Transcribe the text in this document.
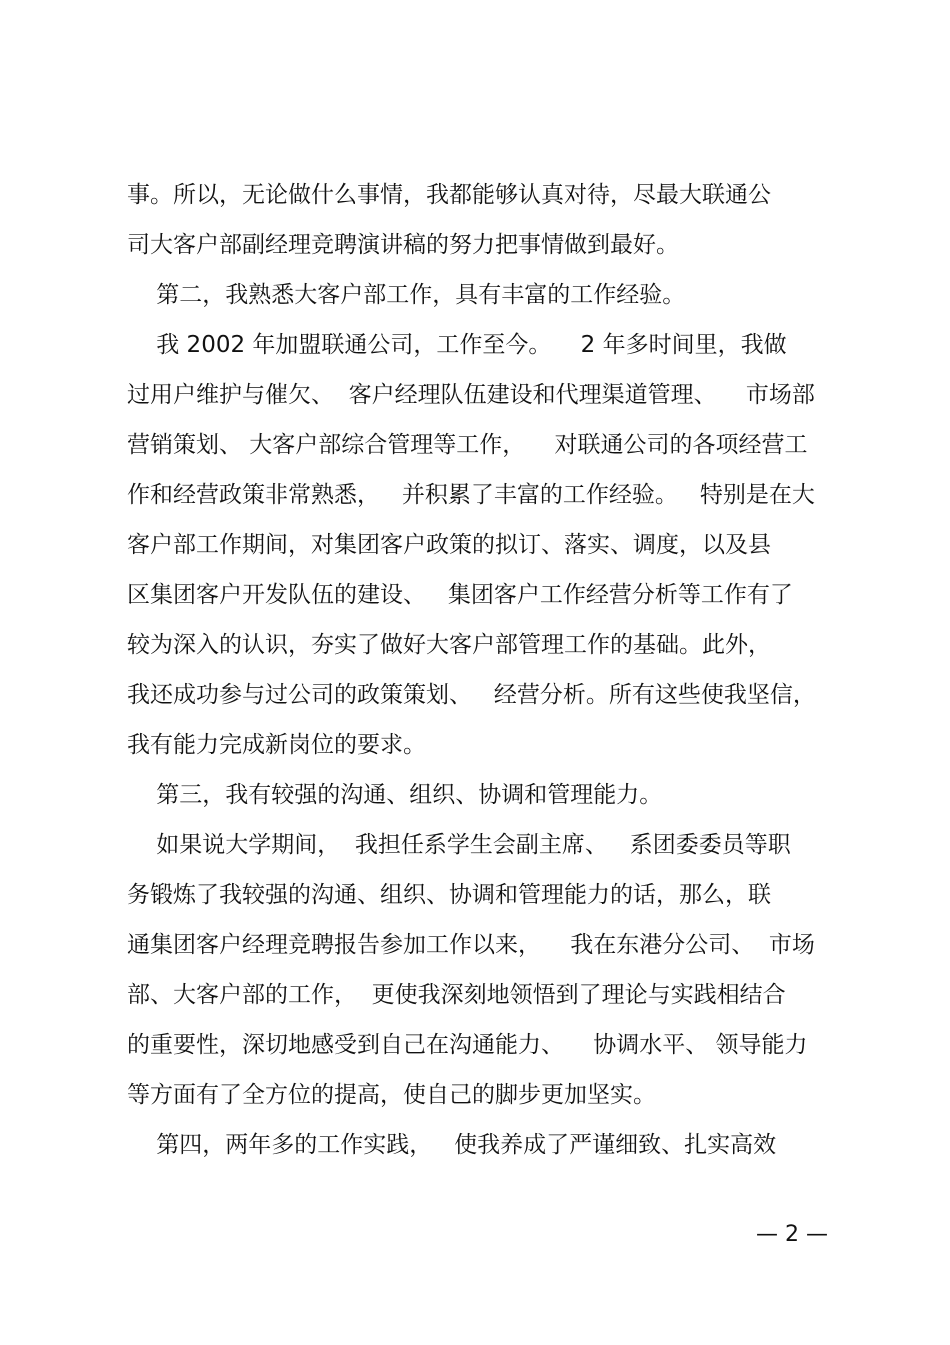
事。所以，无论做什么事情，我都能够认真对待，尽最大联通公
司大客户部副经理竞聘演讲稿的努力把事情做到最好。
第二，我熟悉大客户部工作，具有丰富的工作经验。
我 2002 年加盟联通公司，工作至今。    2 年多时间里，我做
过用户维护与催欠、  客户经理队伍建设和代理渠道管理、    市场部
营销策划、 大客户部综合管理等工作，    对联通公司的各项经营工
作和经营政策非常熟悉，   并积累了丰富的工作经验。   特别是在大
客户部工作期间，对集团客户政策的拟订、落实、调度，以及县
区集团客户开发队伍的建设、   集团客户工作经营分析等工作有了
较为深入的认识，夯实了做好大客户部管理工作的基础。此外，
我还成功参与过公司的政策策划、   经营分析。所有这些使我坚信，
我有能力完成新岗位的要求。
第三，我有较强的沟通、组织、协调和管理能力。
如果说大学期间，  我担任系学生会副主席、   系团委委员等职
务锻炼了我较强的沟通、组织、协调和管理能力的话，那么，联
通集团客户经理竞聘报告参加工作以来，    我在东港分公司、  市场
部、大客户部的工作，  更使我深刻地领悟到了理论与实践相结合
的重要性，深切地感受到自己在沟通能力、    协调水平、 领导能力
等方面有了全方位的提高，使自己的脚步更加坚实。
第四，两年多的工作实践，   使我养成了严谨细致、扎实高效
— 2 —
